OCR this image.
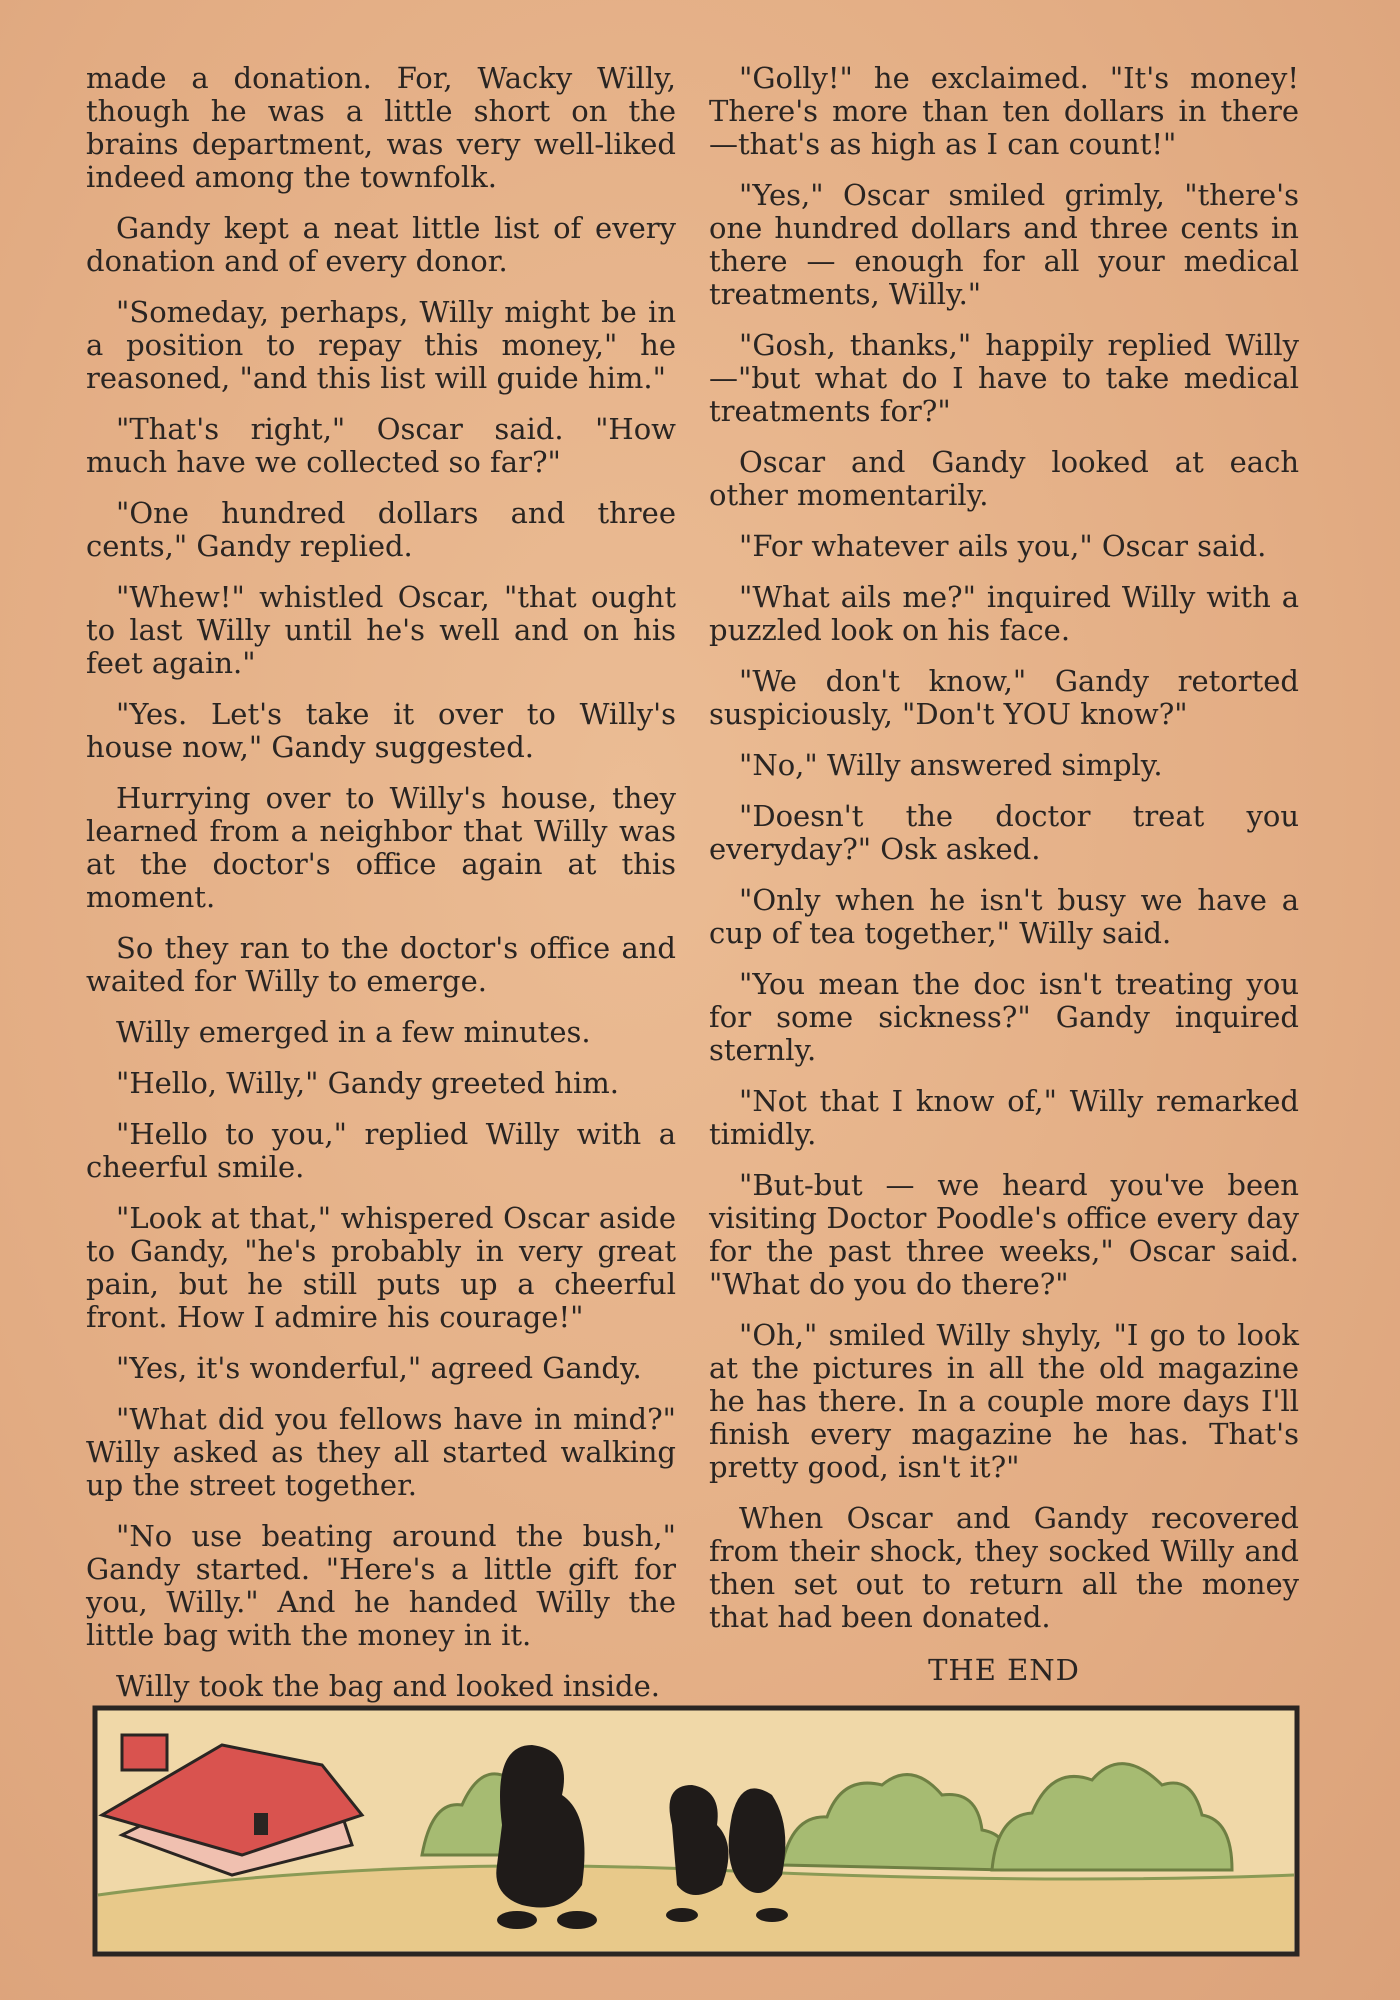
made a donation. For, Wacky Willy, though he was a little short on the brains department, was very well-liked indeed among the townfolk.

Gandy kept a neat little list of every donation and of every donor.

"Someday, perhaps, Willy might be in a position to repay this money," he reasoned, "and this list will guide him."

"That's right," Oscar said. "How much have we collected so far?"

"One hundred dollars and three cents," Gandy replied.

"Whew!" whistled Oscar, "that ought to last Willy until he's well and on his feet again."

"Yes. Let's take it over to Willy's house now," Gandy suggested.

Hurrying over to Willy's house, they learned from a neighbor that Willy was at the doctor's office again at this moment.

So they ran to the doctor's office and waited for Willy to emerge.

Willy emerged in a few minutes.

"Hello, Willy," Gandy greeted him.

"Hello to you," replied Willy with a cheerful smile.

"Look at that," whispered Oscar aside to Gandy, "he's probably in very great pain, but he still puts up a cheerful front. How I admire his courage!"

"Yes, it's wonderful," agreed Gandy.

"What did you fellows have in mind?" Willy asked as they all started walking up the street together.

"No use beating around the bush," Gandy started. "Here's a little gift for you, Willy." And he handed Willy the little bag with the money in it.

Willy took the bag and looked inside.

"Golly!" he exclaimed. "It's money! There's more than ten dollars in there—that's as high as I can count!"

"Yes," Oscar smiled grimly, "there's one hundred dollars and three cents in there — enough for all your medical treatments, Willy."

"Gosh, thanks," happily replied Willy—"but what do I have to take medical treatments for?"

Oscar and Gandy looked at each other momentarily.

"For whatever ails you," Oscar said.

"What ails me?" inquired Willy with a puzzled look on his face.

"We don't know," Gandy retorted suspiciously, "Don't YOU know?"

"No," Willy answered simply.

"Doesn't the doctor treat you everyday?" Osk asked.

"Only when he isn't busy we have a cup of tea together," Willy said.

"You mean the doc isn't treating you for some sickness?" Gandy inquired sternly.

"Not that I know of," Willy remarked timidly.

"But-but — we heard you've been visiting Doctor Poodle's office every day for the past three weeks," Oscar said. "What do you do there?"

"Oh," smiled Willy shyly, "I go to look at the pictures in all the old magazine he has there. In a couple more days I'll finish every magazine he has. That's pretty good, isn't it?"

When Oscar and Gandy recovered from their shock, they socked Willy and then set out to return all the money that had been donated.

THE END
